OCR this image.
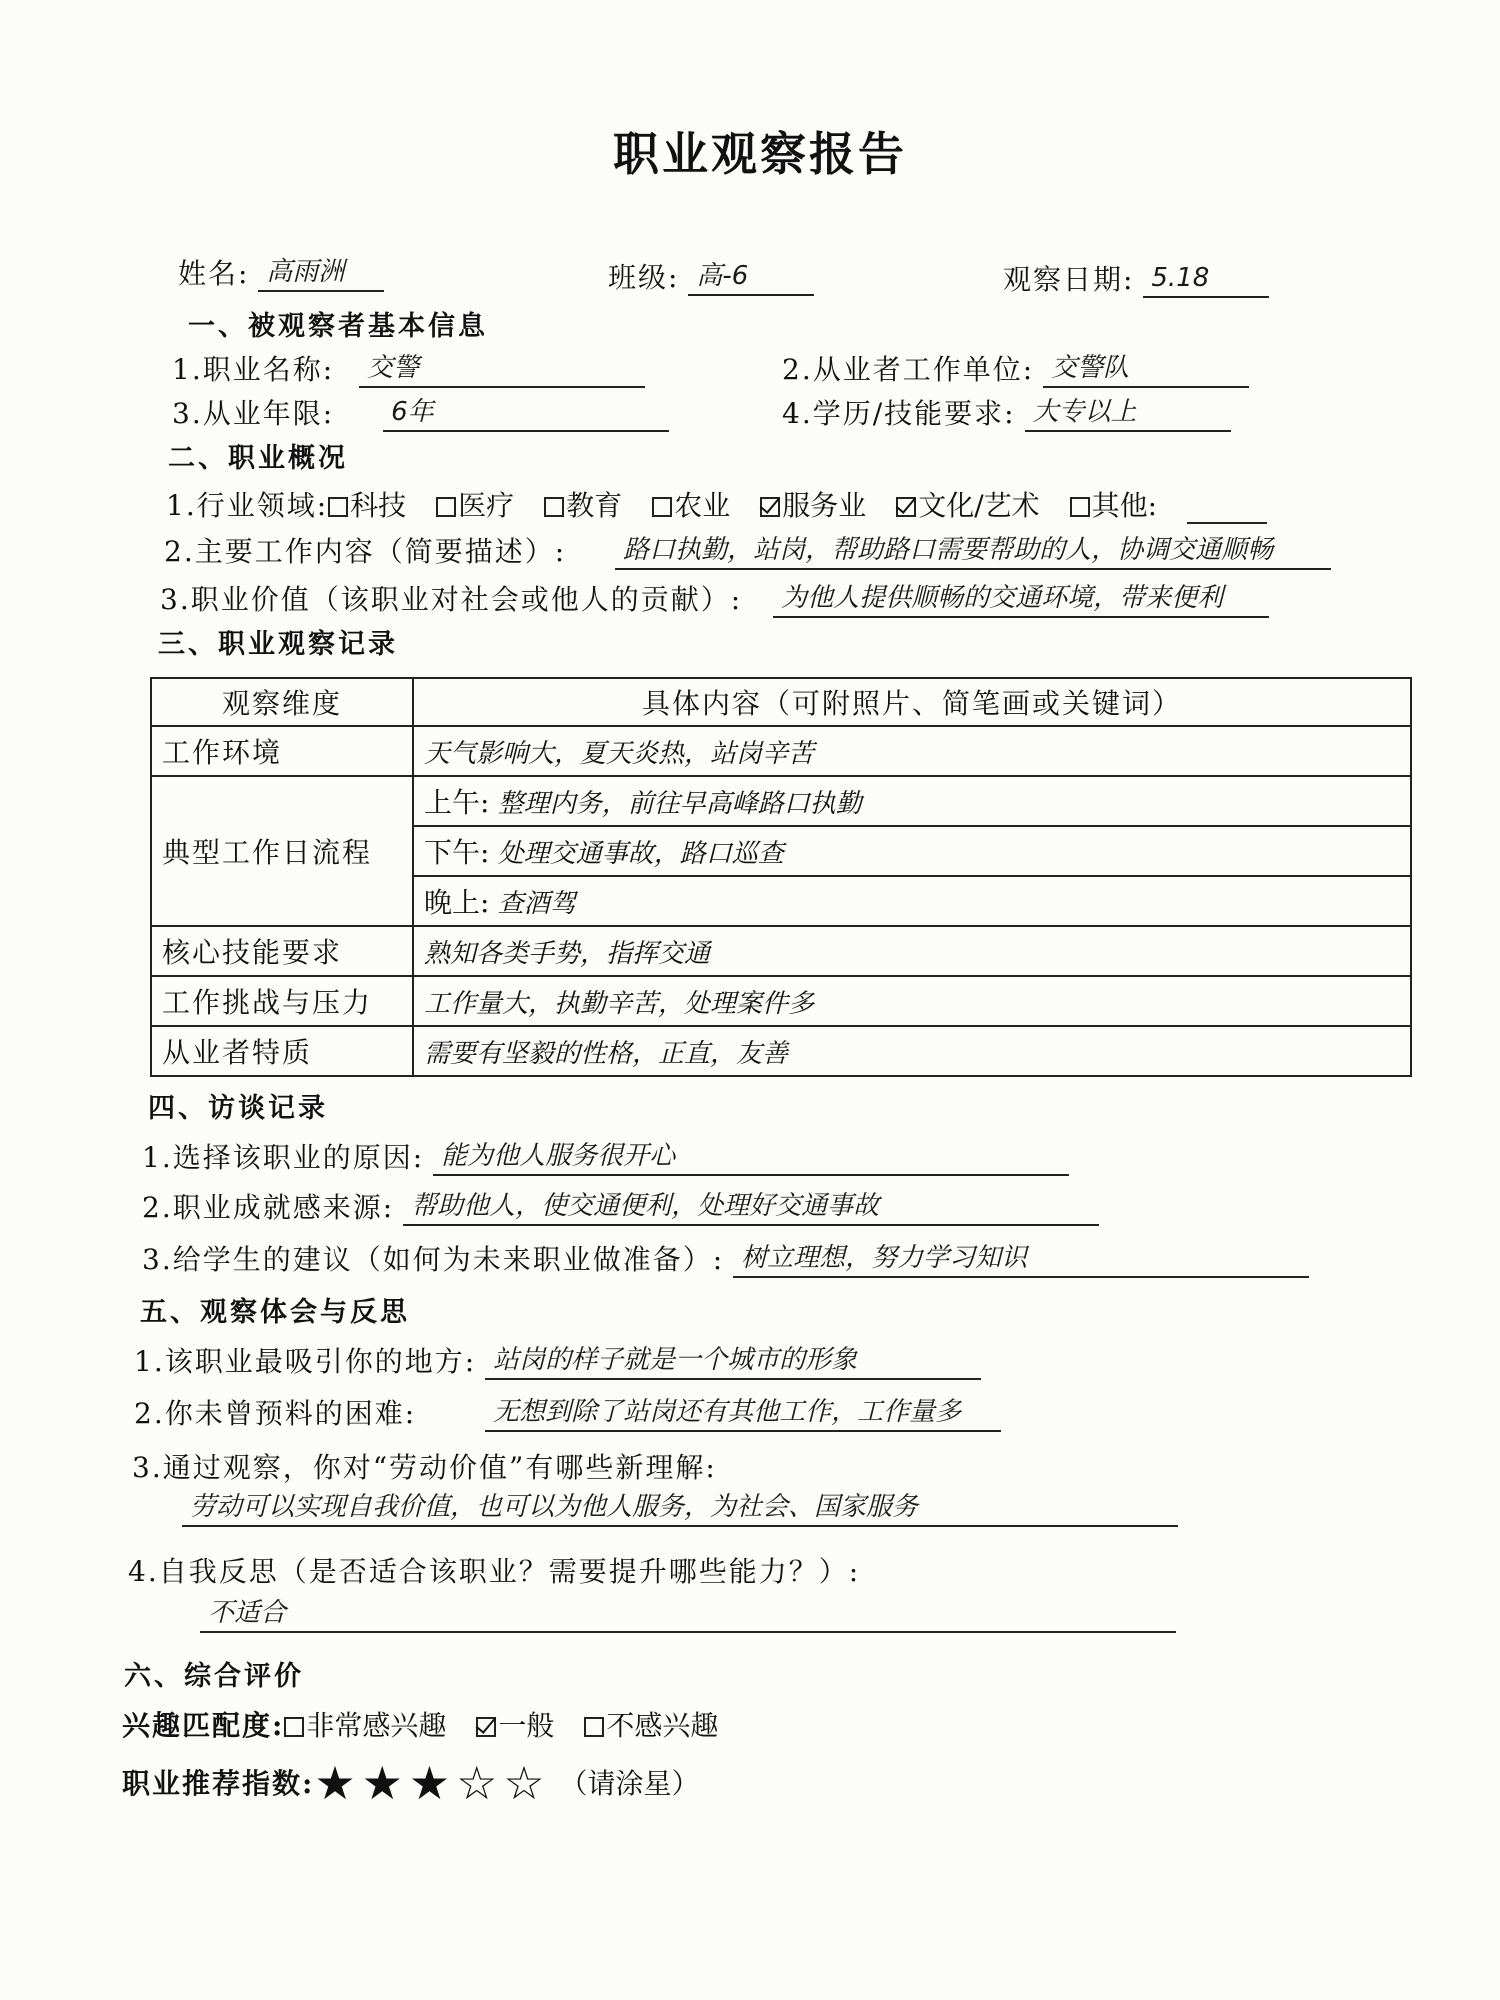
职业观察报告
姓名: 高雨洲	班级: 高-6	观察日期: 5.18
一、被观察者基本信息
1.职业名称: 交警	2.从业者工作单位: 交警队
3.从业年限: 6年	4.学历/技能要求: 大专以上
二、职业概况
1.行业领域: 科技 医疗 教育 农业 服务业 文化/艺术 其他:
2.主要工作内容（简要描述）: 路口执勤，站岗，帮助路口需要帮助的人，协调交通顺畅
3.职业价值（该职业对社会或他人的贡献）: 为他人提供顺畅的交通环境，带来便利
三、职业观察记录
观察维度	具体内容（可附照片、简笔画或关键词）
工作环境	天气影响大，夏天炎热，站岗辛苦
典型工作日流程	上午: 整理内务，前往早高峰路口执勤
	下午: 处理交通事故，路口巡查
	晚上: 查酒驾
核心技能要求	熟知各类手势，指挥交通
工作挑战与压力	工作量大，执勤辛苦，处理案件多
从业者特质	需要有坚毅的性格，正直，友善
四、访谈记录
1.选择该职业的原因: 能为他人服务很开心
2.职业成就感来源: 帮助他人，使交通便利，处理好交通事故
3.给学生的建议（如何为未来职业做准备）: 树立理想，努力学习知识
五、观察体会与反思
1.该职业最吸引你的地方: 站岗的样子就是一个城市的形象
2.你未曾预料的困难:	无想到除了站岗还有其他工作，工作量多
3.通过观察，你对“劳动价值”有哪些新理解:
劳动可以实现自我价值，也可以为他人服务，为社会、国家服务
4.自我反思（是否适合该职业？需要提升哪些能力？）:
不适合
六、综合评价
兴趣匹配度: 非常感兴趣 一般 不感兴趣
职业推荐指数:★★★☆☆ （请涂星）
